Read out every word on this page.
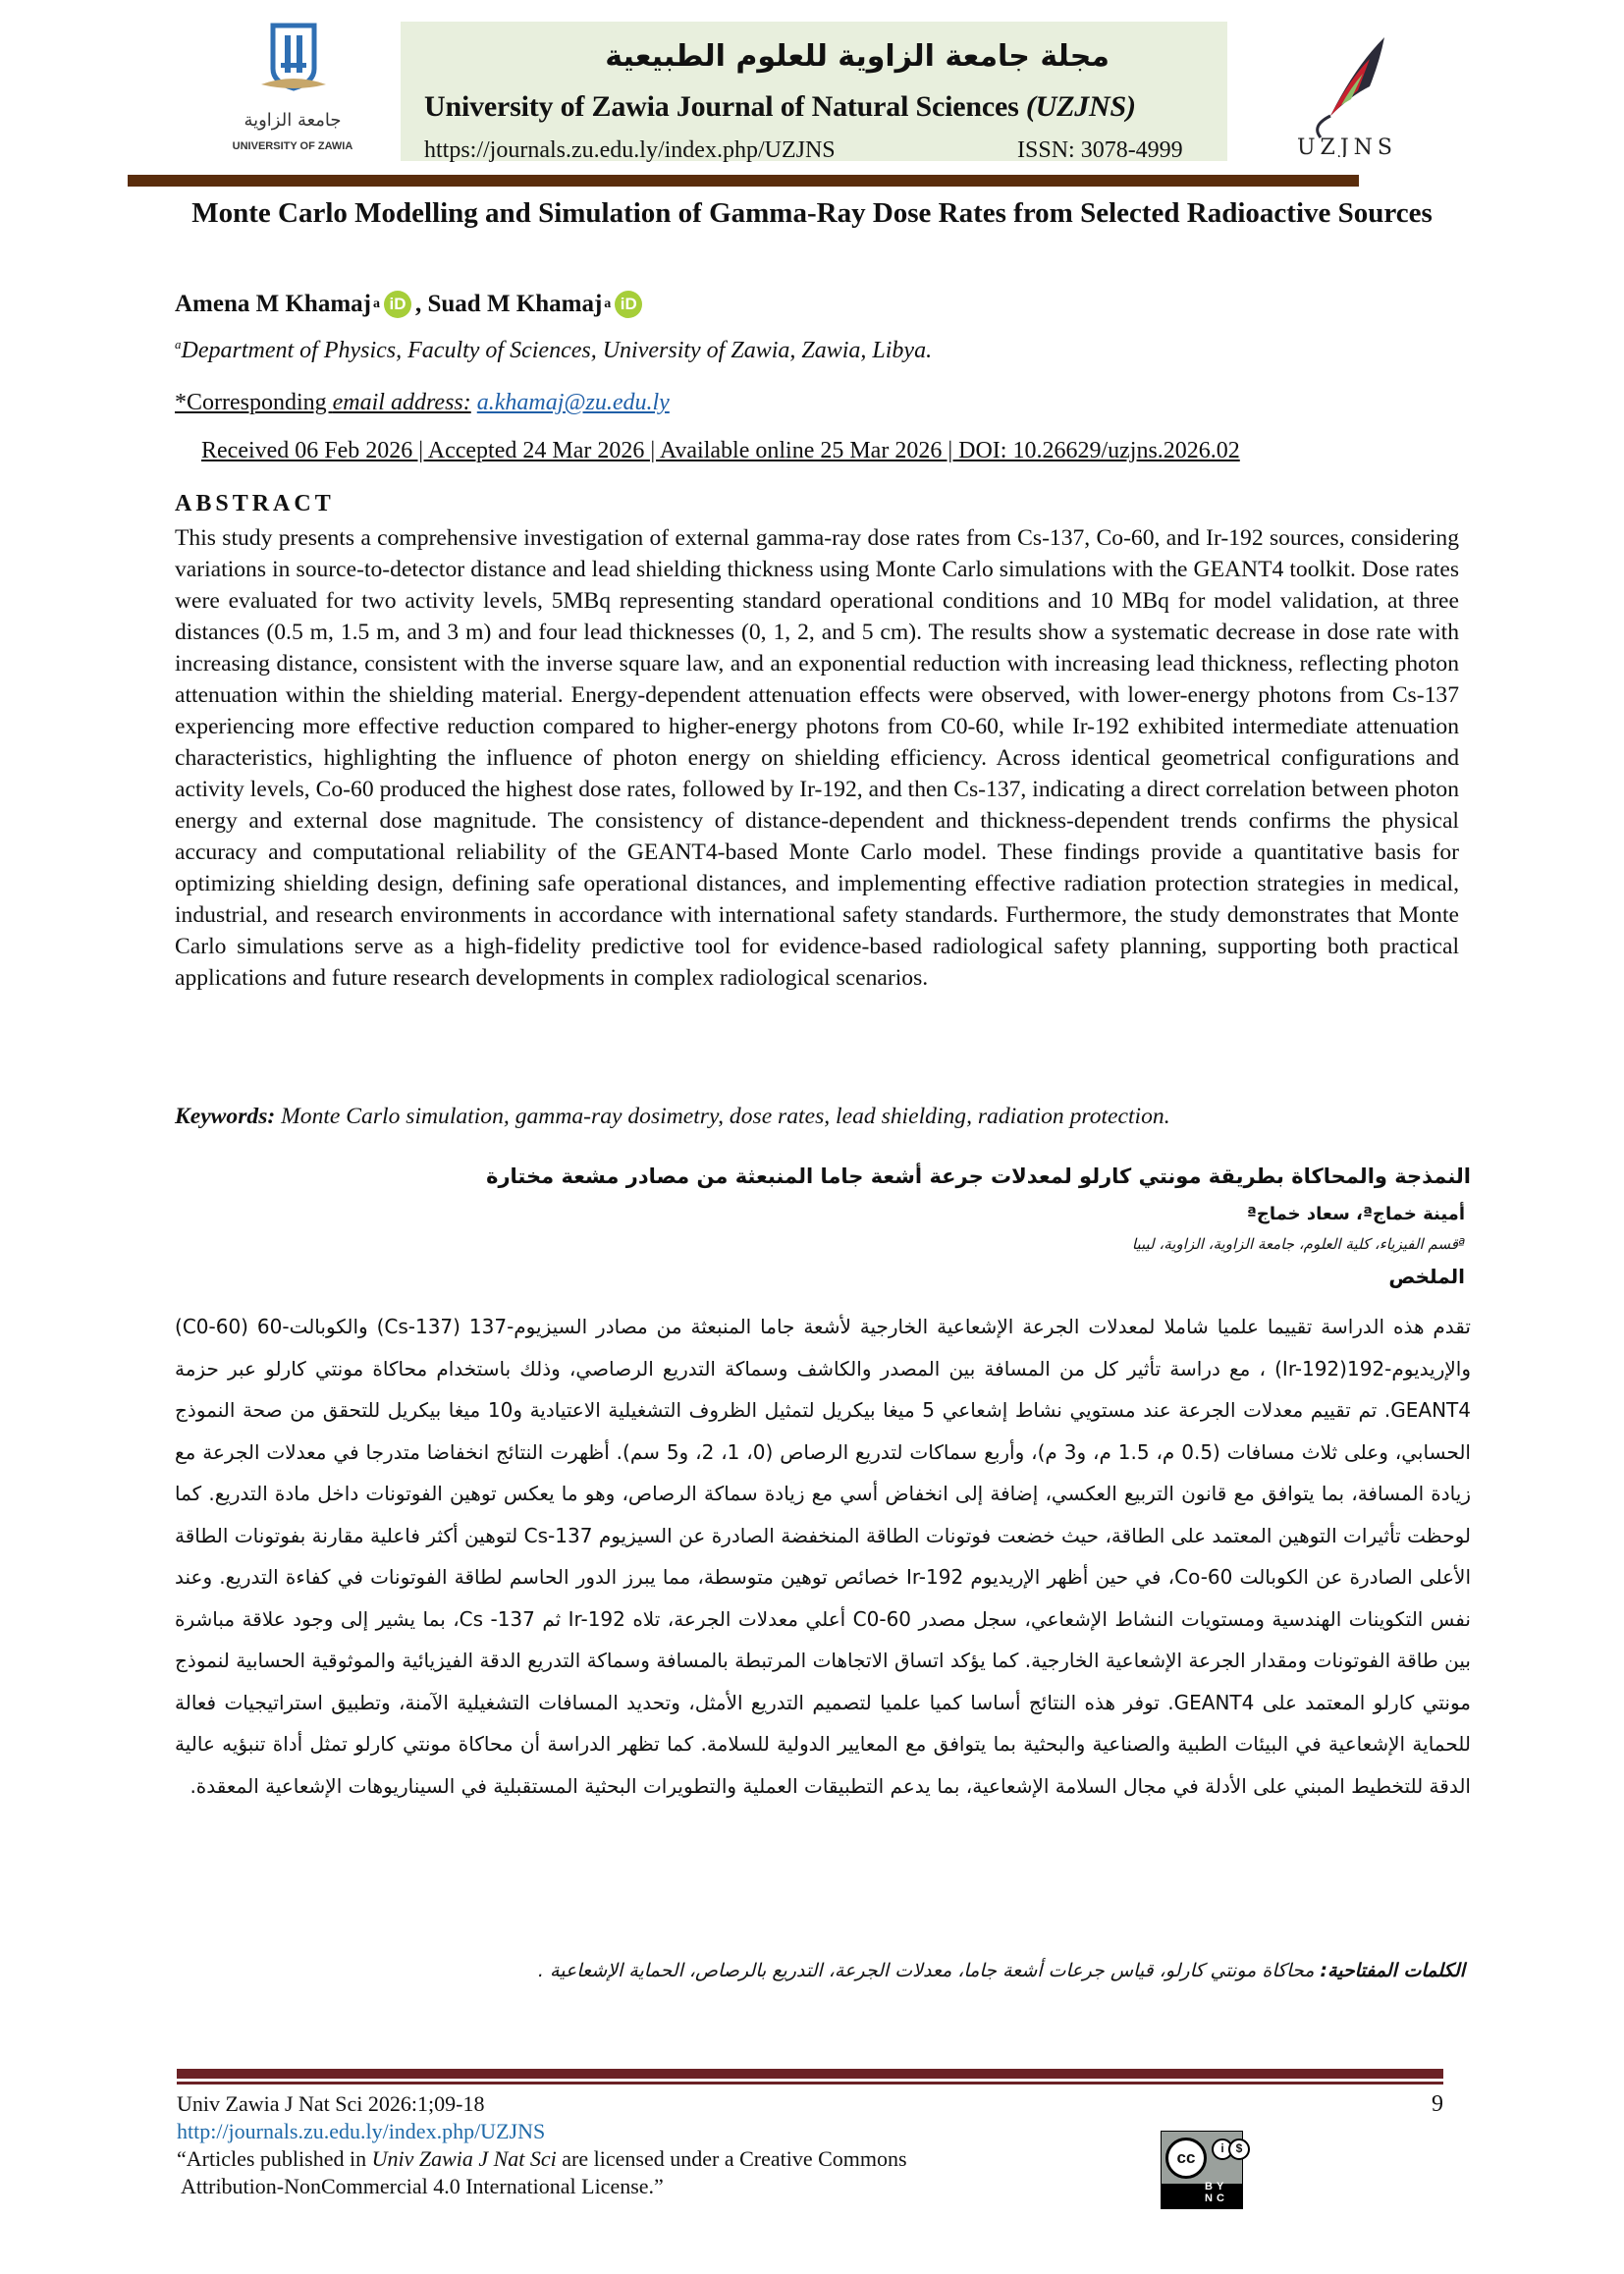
جامعة الزاوية
UNIVERSITY OF ZAWIA
مجلة جامعة الزاوية للعلوم الطبيعية
University of Zawia Journal of Natural Sciences (UZJNS)
https://journals.zu.edu.ly/index.php/UZJNS	ISSN: 3078-4999	UZJNS
Monte Carlo Modelling and Simulation of Gamma-Ray Dose Rates from Selected Radioactive Sources
Amena M Khamaj a iD ,
Suad M Khamaj a iD
$^a$Department of Physics, Faculty of Sciences, University of Zawia, Zawia, Libya.
*Corresponding email address: a.khamaj@zu.edu.ly
Received 06 Feb 2026 | Accepted 24 Mar 2026 | Available online 25 Mar 2026 | DOI: 10.26629/uzjns.2026.02
ABSTRACT
This study presents a comprehensive investigation of external gamma-ray dose rates from Cs-137, Co-60, and Ir-192 sources, considering variations in source-to-detector distance and lead shielding thickness using Monte Carlo simulations with the GEANT4 toolkit. Dose rates were evaluated for two activity levels, 5MBq representing standard operational conditions and 10 MBq for model validation, at three distances (0.5 m, 1.5 m, and 3 m) and four lead thicknesses (0, 1, 2, and 5 cm). The results show a systematic decrease in dose rate with increasing distance, consistent with the inverse square law, and an exponential reduction with increasing lead thickness, reflecting photon attenuation within the shielding material. Energy-dependent attenuation effects were observed, with lower-energy photons from Cs-137 experiencing more effective reduction compared to higher-energy photons from C0-60, while Ir-192 exhibited intermediate attenuation characteristics, highlighting the influence of photon energy on shielding efficiency. Across identical geometrical configurations and activity levels, Co-60 produced the highest dose rates, followed by Ir-192, and then Cs-137, indicating a direct correlation between photon energy and external dose magnitude. The consistency of distance-dependent and thickness-dependent trends confirms the physical accuracy and computational reliability of the GEANT4-based Monte Carlo model. These findings provide a quantitative basis for optimizing shielding design, defining safe operational distances, and implementing effective radiation protection strategies in medical, industrial, and research environments in accordance with international safety standards. Furthermore, the study demonstrates that Monte Carlo simulations serve as a high-fidelity predictive tool for evidence-based radiological safety planning, supporting both practical applications and future research developments in complex radiological scenarios.
Keywords: Monte Carlo simulation, gamma-ray dosimetry, dose rates, lead shielding, radiation protection.
النمذجة والمحاكاة بطريقة مونتي كارلو لمعدلات جرعة أشعة جاما المنبعثة من مصادر مشعة مختارة
أمينة خماجª، سعاد خماجª
ªقسم الفيزياء، كلية العلوم، جامعة الزاوية، الزاوية، ليبيا
الملخص
تقدم هذه الدراسة تقييما علميا شاملا لمعدلات الجرعة الإشعاعية الخارجية لأشعة جاما المنبعثة من مصادر السيزيوم-137 (Cs-137) والكوبالت-60 (C0-60) والإريديوم-192(Ir-192) ، مع دراسة تأثير كل من المسافة بين المصدر والكاشف وسماكة التدريع الرصاصي، وذلك باستخدام محاكاة مونتي كارلو عبر حزمة GEANT4. تم تقييم معدلات الجرعة عند مستويي نشاط إشعاعي 5 ميغا بيكريل لتمثيل الظروف التشغيلية الاعتيادية و10 ميغا بيكريل للتحقق من صحة النموذج الحسابي، وعلى ثلاث مسافات (0.5 م، 1.5 م، و3 م)، وأربع سماكات لتدريع الرصاص (0، 1، 2، و5 سم). أظهرت النتائج انخفاضا متدرجا في معدلات الجرعة مع زيادة المسافة، بما يتوافق مع قانون التربيع العكسي، إضافة إلى انخفاض أسي مع زيادة سماكة الرصاص، وهو ما يعكس توهين الفوتونات داخل مادة التدريع. كما لوحظت تأثيرات التوهين المعتمد على الطاقة، حيث خضعت فوتونات الطاقة المنخفضة الصادرة عن السيزيوم Cs-137 لتوهين أكثر فاعلية مقارنة بفوتونات الطاقة الأعلى الصادرة عن الكوبالت Co-60، في حين أظهر الإريديوم Ir-192 خصائص توهين متوسطة، مما يبرز الدور الحاسم لطاقة الفوتونات في كفاءة التدريع. وعند نفس التكوينات الهندسية ومستويات النشاط الإشعاعي، سجل مصدر C0-60 أعلي معدلات الجرعة، تلاه Ir-192 ثم Cs -137، بما يشير إلى وجود علاقة مباشرة بين طاقة الفوتونات ومقدار الجرعة الإشعاعية الخارجية. كما يؤكد اتساق الاتجاهات المرتبطة بالمسافة وسماكة التدريع الدقة الفيزيائية والموثوقية الحسابية لنموذج مونتي كارلو المعتمد على GEANT4. توفر هذه النتائج أساسا كميا علميا لتصميم التدريع الأمثل، وتحديد المسافات التشغيلية الآمنة، وتطبيق استراتيجيات فعالة للحماية الإشعاعية في البيئات الطبية والصناعية والبحثية بما يتوافق مع المعايير الدولية للسلامة. كما تظهر الدراسة أن محاكاة مونتي كارلو تمثل أداة تنبؤيه عالية الدقة للتخطيط المبني على الأدلة في مجال السلامة الإشعاعية، بما يدعم التطبيقات العملية والتطويرات البحثية المستقبلية في السيناريوهات الإشعاعية المعقدة.
الكلمات المفتاحية: محاكاة مونتي كارلو، قياس جرعات أشعة جاما، معدلات الجرعة، التدريع بالرصاص، الحماية الإشعاعية .
Univ Zawia J Nat Sci 2026:1;09-18	9
http://journals.zu.edu.ly/index.php/UZJNS
“Articles published in Univ Zawia J Nat Sci are licensed under a Creative Commons
Attribution-NonCommercial 4.0 International License.”
cc	i $
BY NC
